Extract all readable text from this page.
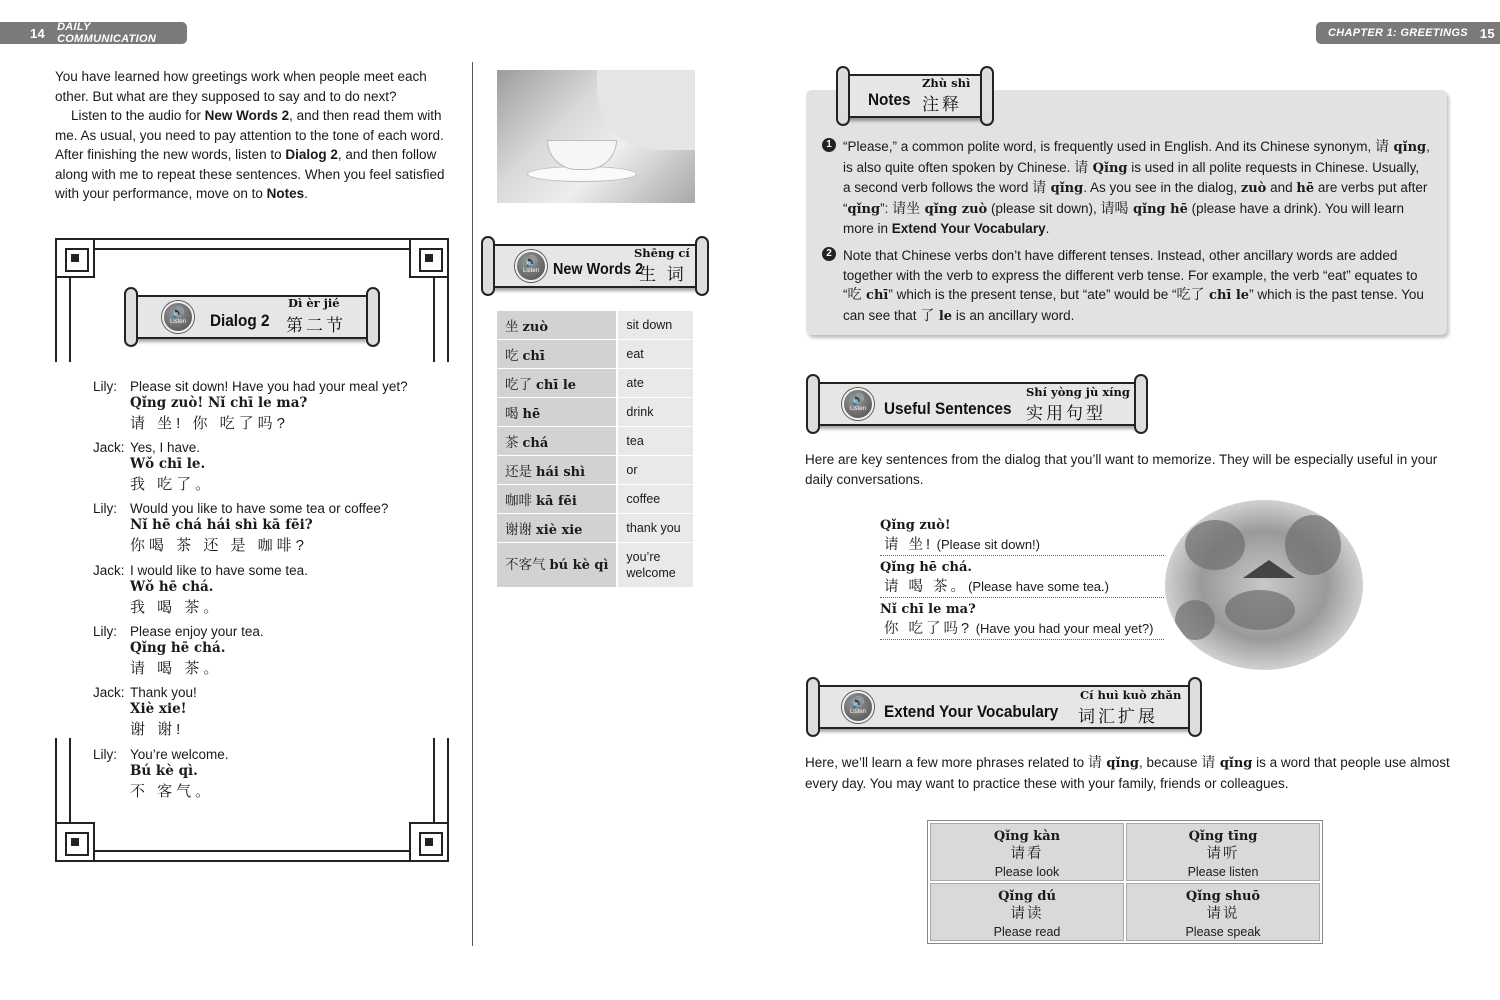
14 DAILY COMMUNICATION	CHAPTER 1: GREETINGS 15

You have learned how greetings work when people meet each other. But what are they supposed to say and to do next?

Listen to the audio for New Words 2, and then read them with me. As usual, you need to pay attention to the tone of each word. After finishing the new words, listen to Dialog 2, and then follow along with me to repeat these sentences. When you feel satisfied with your performance, move on to Notes.

🔊
Listen Dialog 2
Dì èr jié
第二节
Lily: Please sit down! Have you had your meal yet?
Qǐng zuò! Nǐ chī le ma?
请 坐! 你 吃了吗?
Jack: Yes, I have.
Wǒ chī le.
我 吃了。
Lily: Would you like to have some tea or coffee?
Nǐ hē chá hái shì kā fēi?
你喝 茶 还 是 咖啡?
Jack: I would like to have some tea.
Wǒ hē chá.
我 喝 茶。
Lily: Please enjoy your tea.
Qǐng hē chá.
请 喝 茶。
Jack: Thank you!
Xiè xie!
谢 谢!
Lily: You’re welcome.
Bú kè qì.
不 客气。
🔊
Listen New Words 2
Shēng cí
生 词
坐 zuò	sit down
吃 chī	eat
吃了 chī le	ate
喝 hē	drink
茶 chá	tea
还是 hái shì	or
咖啡 kā fēi	coffee
谢谢 xiè xie	thank you
不客气 bú kè qì	you’re welcome
Notes
Zhù shì
注释
1 “Please,” a common polite word, is frequently used in English. And its Chinese synonym, 请 qǐng, is also quite often spoken by Chinese. 请 Qǐng is used in all polite requests in Chinese. Usually, a second verb follows the word 请 qǐng. As you see in the dialog, zuò and hē are verbs put after “qǐng”: 请坐 qǐng zuò (please sit down), 请喝 qǐng hē (please have a drink). You will learn more in Extend Your Vocabulary.
2 Note that Chinese verbs don’t have different tenses. Instead, other ancillary words are added together with the verb to express the different verb tense. For example, the verb “eat” equates to “吃 chī” which is the present tense, but “ate” would be “吃了 chī le” which is the past tense. You can see that 了 le is an ancillary word.
🔊
Listen Useful Sentences
Shí yòng jù xíng
实用句型
Here are key sentences from the dialog that you’ll want to memorize. They will be especially useful in your daily conversations.
Qǐng zuò!
请 坐! (Please sit down!)
Qǐng hē chá.
请 喝 茶。(Please have some tea.)
Nǐ chī le ma?
你 吃了吗? (Have you had your meal yet?)
🔊
Listen Extend Your Vocabulary
Cí huì kuò zhǎn
词汇扩展
Here, we’ll learn a few more phrases related to 请 qǐng, because 请 qǐng is a word that people use almost every day. You may want to practice these with your family, friends or colleagues.
Qǐng kàn
请看
Please look
Qǐng tīng
请听
Please listen
Qǐng dú
请读
Please read
Qǐng shuō
请说
Please speak
